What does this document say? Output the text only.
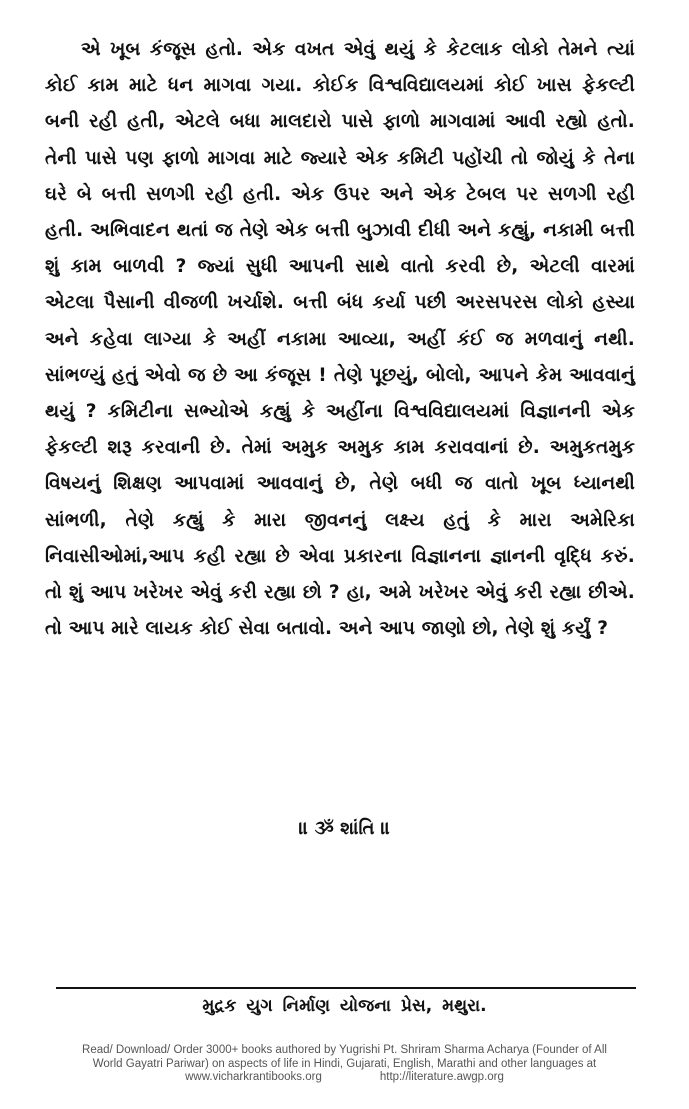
એ ખૂબ કંજૂસ હતો. એક વખત એવું થયું કે કેટલાક લોકો તેમને ત્યાં કોઈ કામ માટે ધન માગવા ગયા. કોઈક વિશ્વવિદ્યાલયમાં કોઈ ખાસ ફેકલ્ટી બની રહી હતી, એટલે બધા માલદારો પાસે ફાળો માગવામાં આવી રહ્યો હતો. તેની પાસે પણ ફાળો માગવા માટે જ્યારે એક કમિટી પહોંચી તો જોયું કે તેના ઘરે બે બત્તી સળગી રહી હતી. એક ઉપર અને એક ટેબલ પર સળગી રહી હતી. અભિવાદન થતાં જ તેણે એક બત્તી બુઝાવી દીધી અને કહ્યું, નકામી બત્તી શું કામ બાળવી ? જ્યાં સુધી આપની સાથે વાતો કરવી છે, એટલી વારમાં એટલા પૈસાની વીજળી ખર્ચાશે. બત્તી બંધ કર્યા પછી અરસપરસ લોકો હસ્યા અને કહેવા લાગ્યા કે અહીં નકામા આવ્યા, અહીં કંઈ જ મળવાનું નથી. સાંભળ્યું હતું એવો જ છે આ કંજૂસ ! તેણે પૂછયું, બોલો, આપને કેમ આવવાનું થયું ? કમિટીના સભ્યોએ કહ્યું કે અહીંના વિશ્વવિદ્યાલયમાં વિજ્ઞાનની એક ફેકલ્ટી શરૂ કરવાની છે. તેમાં અમુક અમુક કામ કરાવવાનાં છે. અમુકતમુક વિષયનું શિક્ષણ આપવામાં આવવાનું છે, તેણે બધી જ વાતો ખૂબ ધ્યાનથી સાંભળી, તેણે કહ્યું કે મારા જીવનનું લક્ષ્ય હતું કે મારા અમેરિકા નિવાસીઓમાં,આપ કહી રહ્યા છે એવા પ્રકારના વિજ્ઞાનના જ્ઞાનની વૃદ્ધિ કરું. તો શું આપ ખરેખર એવું કરી રહ્યા છો ? હા, અમે ખરેખર એવું કરી રહ્યા છીએ. તો આપ મારે લાયક કોઈ સેવા બતાવો. અને આપ જાણો છો, તેણે શું કર્યું ?

॥ ૐ શાંતિ ॥

મુદ્રક યુગ નિર્માણ યોજના પ્રેસ, મથુરા.

Read/ Download/ Order 3000+ books authored by Yugrishi Pt. Shriram Sharma Acharya (Founder of All
World Gayatri Pariwar) on aspects of life in Hindi, Gujarati, English, Marathi and other languages at
www.vicharkrantibooks.org	http://literature.awgp.org
